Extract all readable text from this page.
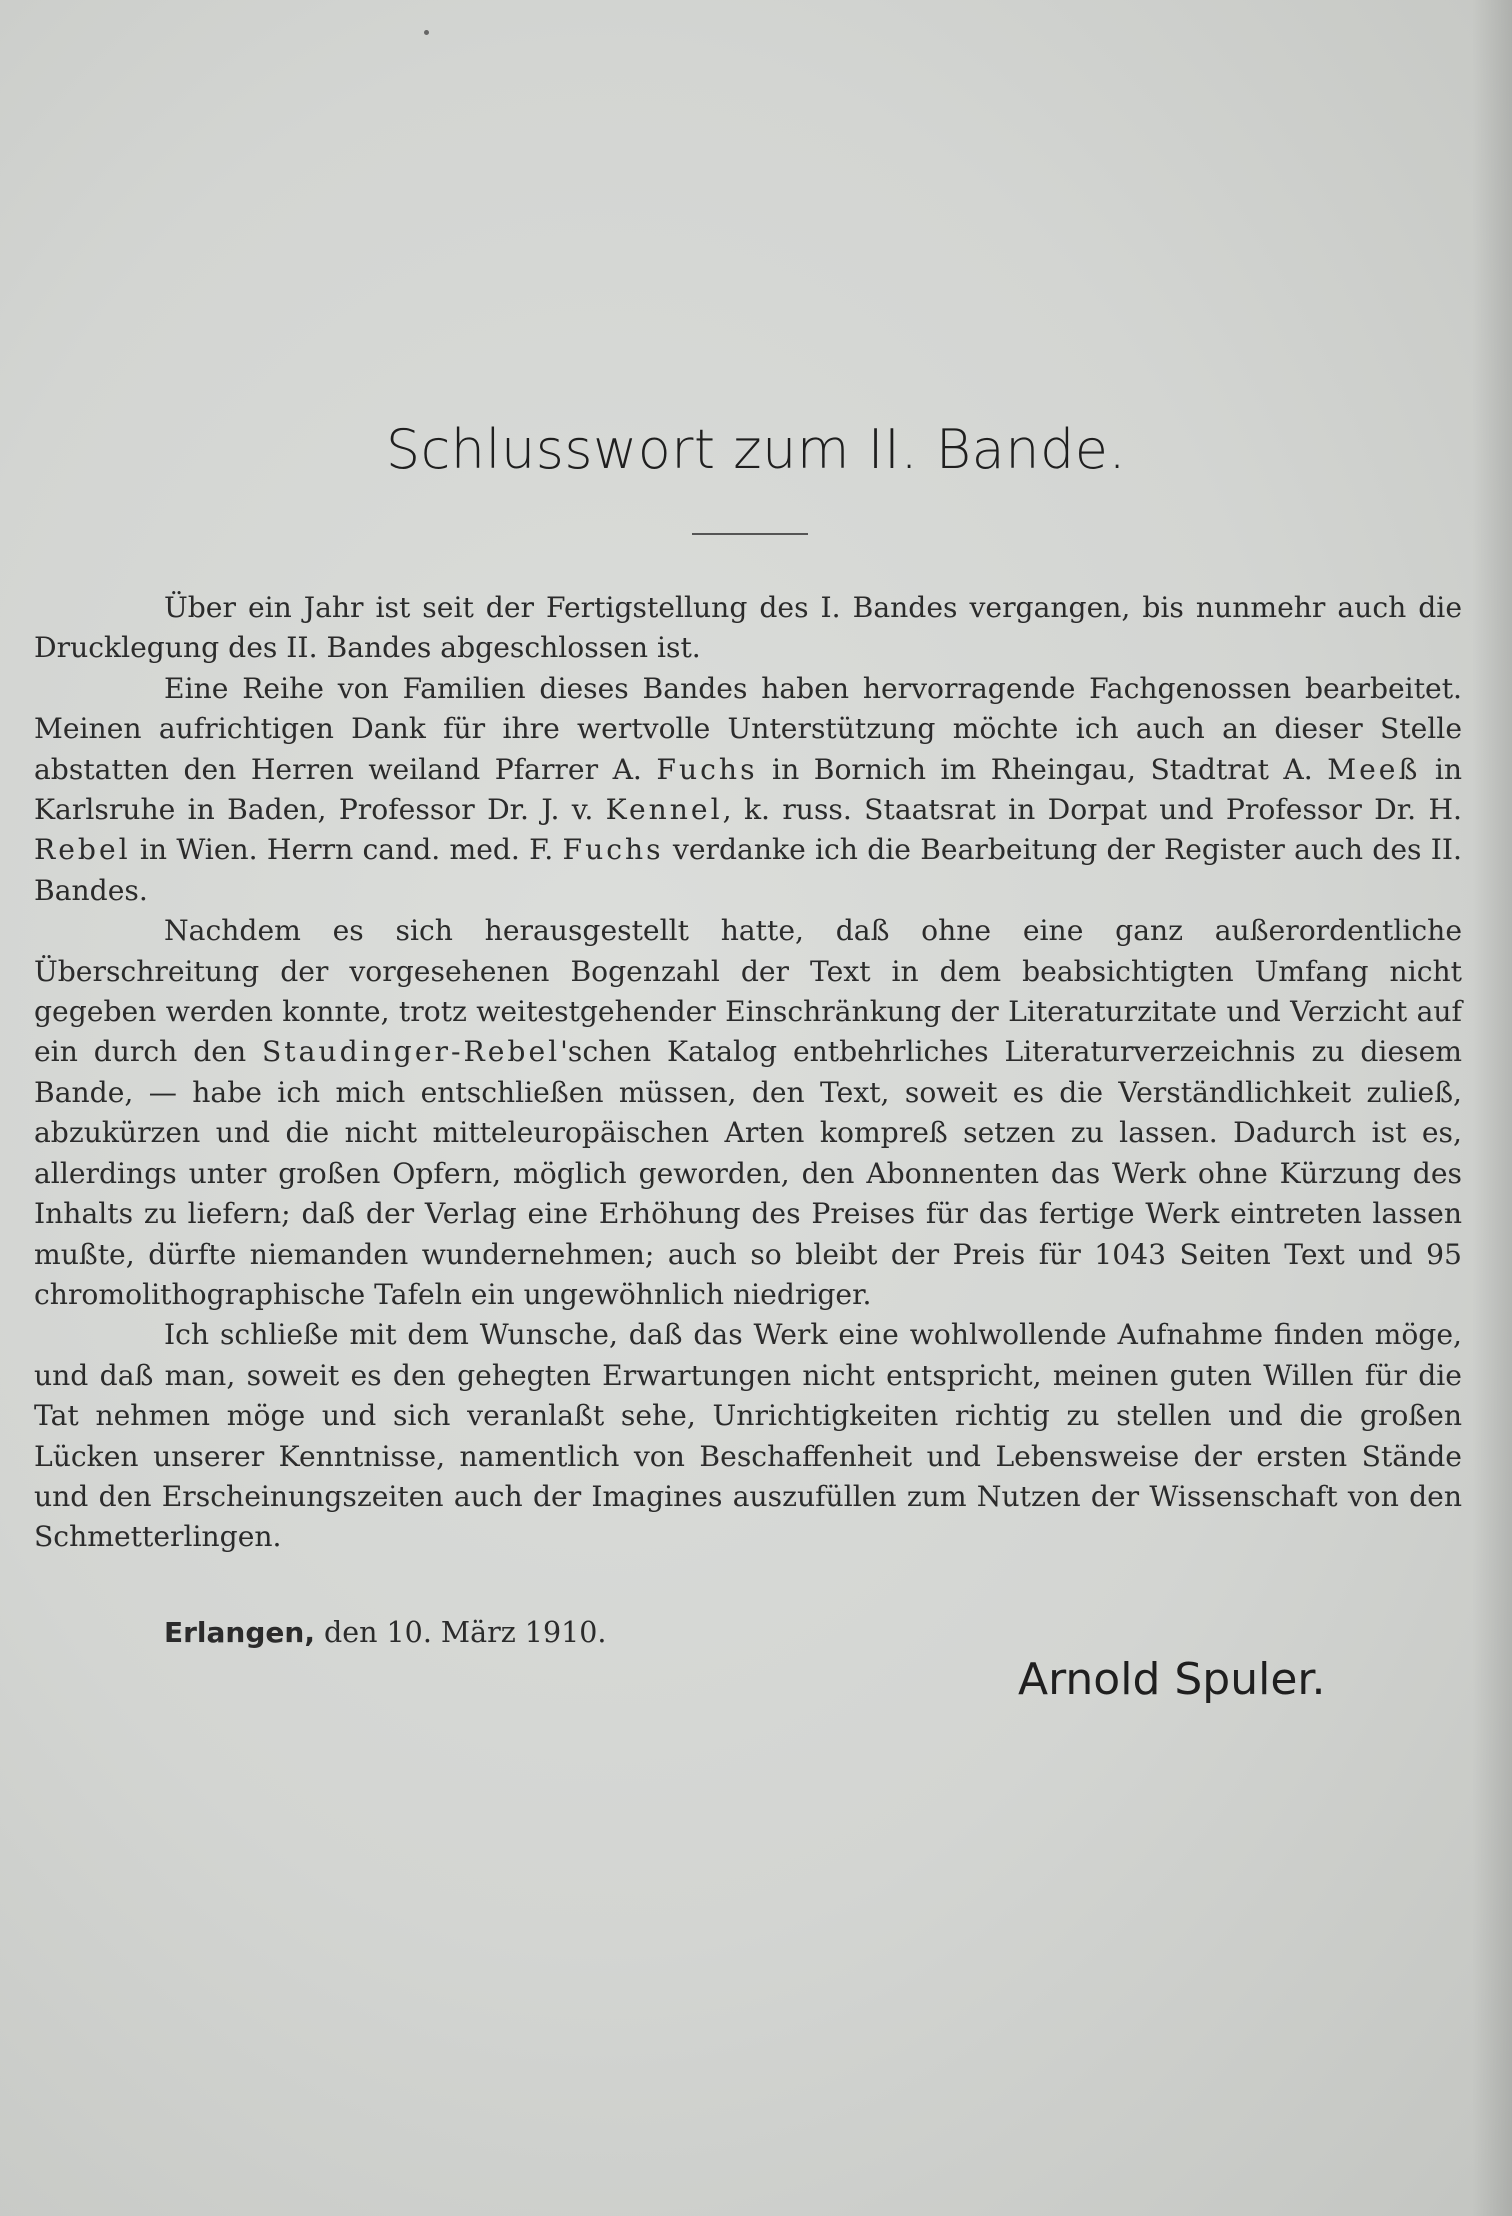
Schlusswort zum II. Bande.

Über ein Jahr ist seit der Fertigstellung des I. Bandes vergangen, bis nunmehr auch die Drucklegung des II. Bandes abgeschlossen ist.

Eine Reihe von Familien dieses Bandes haben hervorragende Fachgenossen bearbeitet. Meinen aufrichtigen Dank für ihre wertvolle Unterstützung möchte ich auch an dieser Stelle abstatten den Herren weiland Pfarrer A. Fuchs in Bornich im Rheingau, Stadtrat A. Meeß in Karlsruhe in Baden, Professor Dr. J. v. Kennel, k. russ. Staatsrat in Dorpat und Professor Dr. H. Rebel in Wien. Herrn cand. med. F. Fuchs verdanke ich die Bearbeitung der Register auch des II. Bandes.

Nachdem es sich herausgestellt hatte, daß ohne eine ganz außerordentliche Überschreitung der vorgesehenen Bogenzahl der Text in dem beabsichtigten Umfang nicht gegeben werden konnte, trotz weitestgehender Einschränkung der Literaturzitate und Verzicht auf ein durch den Staudinger-Rebel'schen Katalog entbehrliches Literaturverzeichnis zu diesem Bande, — habe ich mich entschließen müssen, den Text, soweit es die Verständlichkeit zuließ, abzukürzen und die nicht mitteleuropäischen Arten kompreß setzen zu lassen. Dadurch ist es, allerdings unter großen Opfern, möglich geworden, den Abonnenten das Werk ohne Kürzung des Inhalts zu liefern; daß der Verlag eine Erhöhung des Preises für das fertige Werk eintreten lassen mußte, dürfte niemanden wundernehmen; auch so bleibt der Preis für 1043 Seiten Text und 95 chromolithographische Tafeln ein ungewöhnlich niedriger.

Ich schließe mit dem Wunsche, daß das Werk eine wohlwollende Aufnahme finden möge, und daß man, soweit es den gehegten Erwartungen nicht entspricht, meinen guten Willen für die Tat nehmen möge und sich veranlaßt sehe, Unrichtigkeiten richtig zu stellen und die großen Lücken unserer Kenntnisse, namentlich von Beschaffenheit und Lebensweise der ersten Stände und den Erscheinungszeiten auch der Imagines auszufüllen zum Nutzen der Wissenschaft von den Schmetterlingen.

Erlangen, den 10. März 1910.
Arnold Spuler.
